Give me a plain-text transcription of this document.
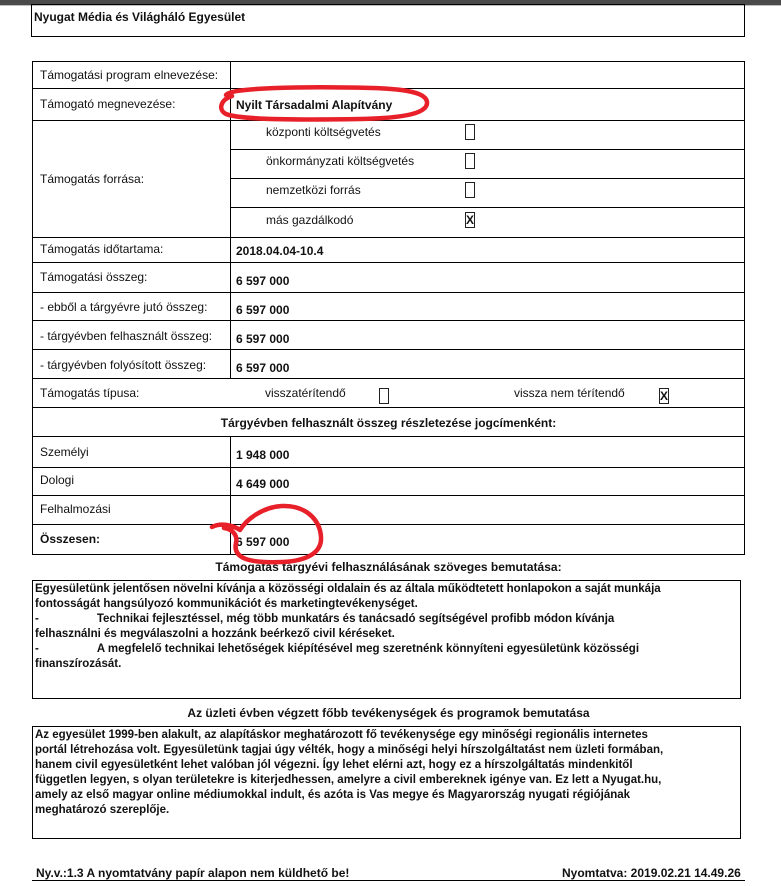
Nyugat Média és Világháló Egyesület
Támogatási program elnevezése:
Támogató megnevezése:	Nyilt Társadalmi Alapítvány
Támogatás forrása:
központi költségvetés
önkormányzati költségvetés
nemzetközi forrás
más gazdálkodó	X
Támogatás időtartama:	2018.04.04-10.4
Támogatási összeg:	6 597 000
- ebből a tárgyévre jutó összeg: 6 597 000
- tárgyévben felhasznált összeg: 6 597 000
- tárgyévben folyósított összeg: 6 597 000
Támogatás típusa:	visszatérítendő	vissza nem térítendő	X
Tárgyévben felhasznált összeg részletezése jogcímenként:
Személyi	1 948 000
Dologi	4 649 000
Felhalmozási
Összesen:	6 597 000
Támogatás tárgyévi felhasználásának szöveges bemutatása:

Egyesületünk jelentősen növelni kívánja a közösségi oldalain és az általa működtetett honlapokon a saját munkája

fontosságát hangsúlyozó kommunikációt és marketingtevékenységet.

-	Technikai fejlesztéssel, még több munkatárs és tanácsadó segítségével profibb módon kívánja

felhasználni és megválaszolni a hozzánk beérkező civil kéréseket.

-	A megfelelő technikai lehetőségek kiépítésével meg szeretnénk könnyíteni egyesületünk közösségi

finanszírozását.

Az üzleti évben végzett főbb tevékenységek és programok bemutatása

Az egyesület 1999-ben alakult, az alapításkor meghatározott fő tevékenysége egy minőségi regionális internetes

portál létrehozása volt. Egyesületünk tagjai úgy vélték, hogy a minőségi helyi hírszolgáltatást nem üzleti formában,

hanem civil egyesületként lehet valóban jól végezni. Így lehet elérni azt, hogy ez a hírszolgáltatás mindenkitől

független legyen, s olyan területekre is kiterjedhessen, amelyre a civil embereknek igénye van. Ez lett a Nyugat.hu,

amely az első magyar online médiumokkal indult, és azóta is Vas megye és Magyarország nyugati régiójának

meghatározó szereplője.

Ny.v.:1.3 A nyomtatvány papír alapon nem küldhető be!	Nyomtatva: 2019.02.21 14.49.26
